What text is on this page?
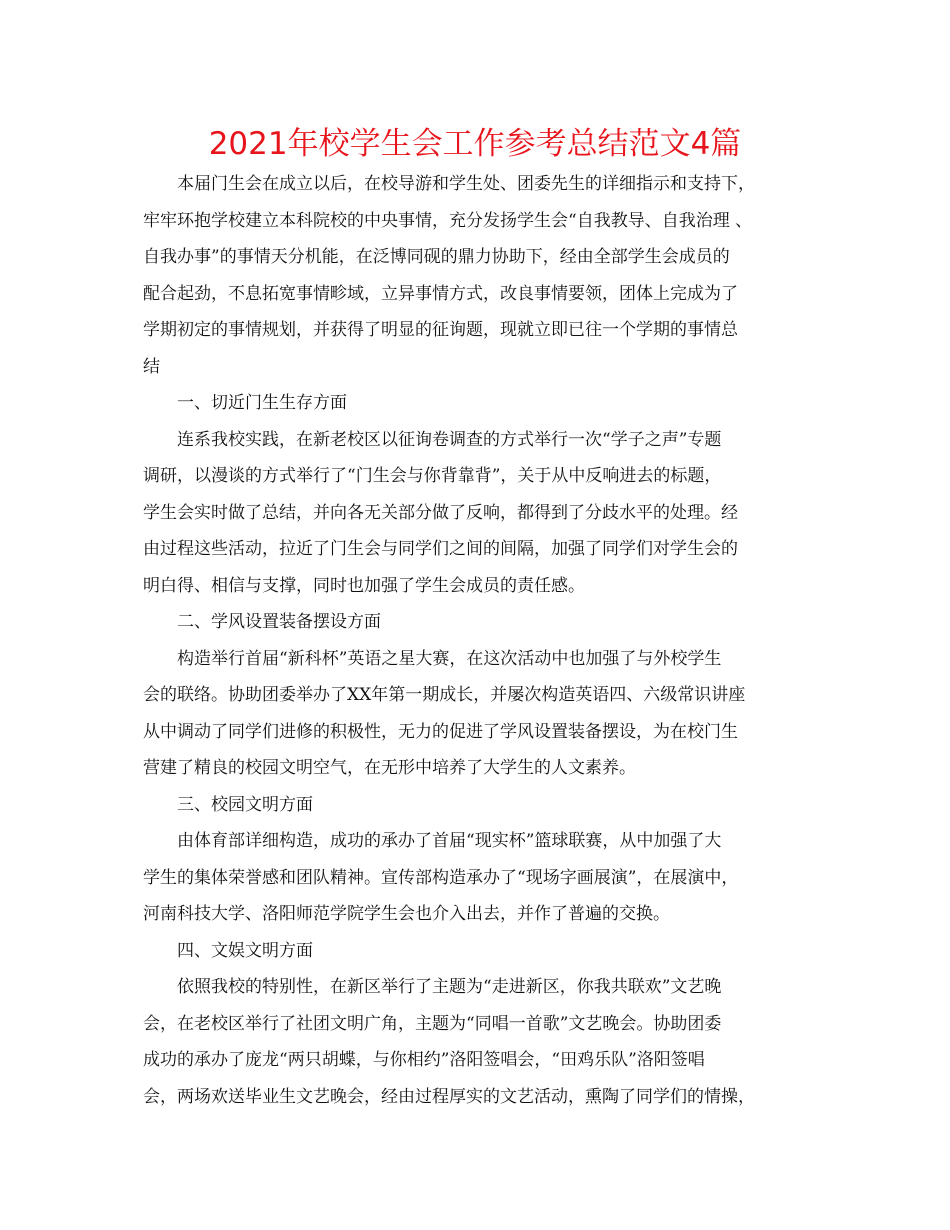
2021年校学生会工作参考总结范文4篇

本届门生会在成立以后，在校导游和学生处、团委先生的详细指示和支持下，
牢牢环抱学校建立本科院校的中央事情，充分发扬学生会“自我教导、自我治理 、
自我办事”的事情天分机能，在泛博同砚的鼎力协助下，经由全部学生会成员的
配合起劲，不息拓宽事情畛域，立异事情方式，改良事情要领，团体上完成为了
学期初定的事情规划，并获得了明显的征询题，现就立即已往一个学期的事情总
结

一、切近门生生存方面

连系我校实践，在新老校区以征询卷调查的方式举行一次“学子之声”专题
调研，以漫谈的方式举行了“门生会与你背靠背”，关于从中反响进去的标题，
学生会实时做了总结，并向各无关部分做了反响，都得到了分歧水平的处理。经
由过程这些活动，拉近了门生会与同学们之间的间隔，加强了同学们对学生会的
明白得、相信与支撑，同时也加强了学生会成员的责任感。

二、学风设置装备摆设方面

构造举行首届“新科杯”英语之星大赛，在这次活动中也加强了与外校学生
会的联络。协助团委举办了XX年第一期成长，并屡次构造英语四、六级常识讲座
从中调动了同学们进修的积极性，无力的促进了学风设置装备摆设，为在校门生
营建了精良的校园文明空气，在无形中培养了大学生的人文素养。

三、校园文明方面

由体育部详细构造，成功的承办了首届“现实杯”篮球联赛，从中加强了大
学生的集体荣誉感和团队精神。宣传部构造承办了“现场字画展演”，在展演中，
河南科技大学、洛阳师范学院学生会也介入出去，并作了普遍的交换。

四、文娱文明方面

依照我校的特别性，在新区举行了主题为“走进新区，你我共联欢”文艺晚
会，在老校区举行了社团文明广角，主题为“同唱一首歌”文艺晚会。协助团委
成功的承办了庞龙“两只胡蝶，与你相约”洛阳签唱会，“田鸡乐队”洛阳签唱
会，两场欢送毕业生文艺晚会，经由过程厚实的文艺活动，熏陶了同学们的情操，
